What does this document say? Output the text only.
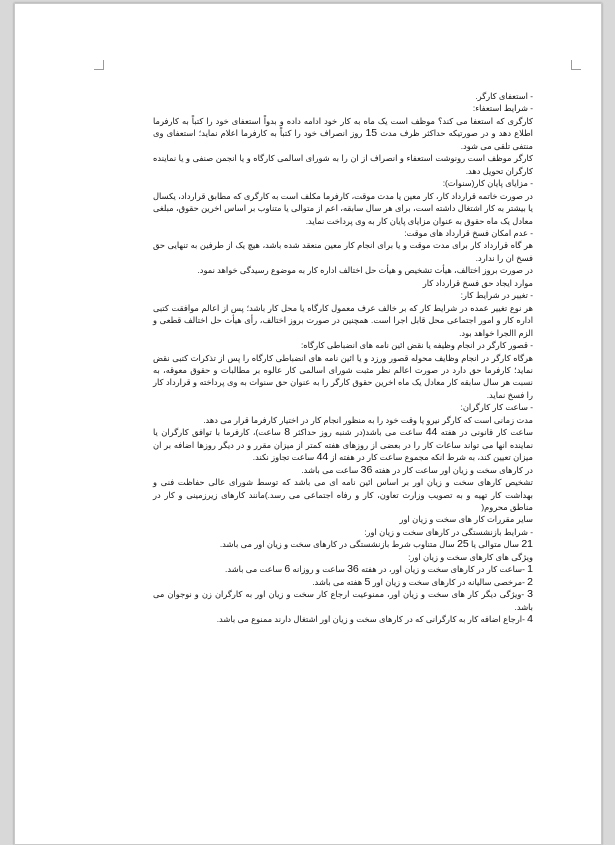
- استعفای کارگر.

- شرایط استعفاء:

کارگری که استعفا می کند؟ موظف است یک ماه به کار خود ادامه داده و بدواً استعفای خود را کتباً به کارفرما اطلاع دهد و در صورتیکه حداکثر ظرف مدت 15 روز انصراف خود را کتباً به کارفرما اعلام نماید؛ استعفای وی منتفی تلقی می شود.

کارگر موظف است رونوشت استعفاء و انصراف از ان را به شورای اسالمی کارگاه و یا انجمن صنفی و یا نماینده کارگران تحویل دهد.

- مزایای پایان کار(سنوات):

در صورت خاتمه قرارداد کار، کار معین یا مدت موقت، کارفرما مکلف است به کارگری که مطابق قرارداد، یکسال یا بیشتر به کار اشتغال داشته است، برای هر سال سابقه، اعم از متوالی یا متناوب بر اساس اخرین حقوق، مبلغی معادل یک ماه حقوق به عنوان مزایای پایان کار به وی پرداخت نماید.

- عدم امکان فسخ قرارداد های موقت:

هر گاه قرارداد کار برای مدت موقت و یا برای انجام کار معین منعقد شده باشد، هیچ یک از طرفین به تنهایی حق فسخ ان را ندارد.

در صورت بروز اختالف، هیأت تشخیص و هیأت حل اختالف اداره کار به موضوع رسیدگی خواهد نمود.

موارد ایجاد حق فسخ قرارداد کار

- تغییر در شرایط کار:

هر نوع تغییر عمده در شرایط کار که بر خالف عرف معمول کارگاه یا محل کار باشد؛ پس از اعالم موافقت کتبی اداره کار و امور اجتماعی محل قابل اجرا است. همچنین در صورت بروز اختالف، رأی هیأت حل اختالف قطعی و الزم االجرا خواهد بود.

- قصور کارگر در انجام وظیفه یا نقض ائین نامه های انضباطی کارگاه:

هرگاه کارگر در انجام وظایف محوله قصور ورزد و یا ائین نامه های انضباطی کارگاه را پس از تذکرات کتبی نقض نماید؛ کارفرما حق دارد در صورت اعالم نظر مثبت شورای اسالمی کار عالوه بر مطالبات و حقوق معوقه، به نسبت هر سال سابقه کار معادل یک ماه اخرین حقوق کارگر را به عنوان حق سنوات به وی پرداخته و قرارداد کار را فسخ نماید.

- ساعت کار کارگران:

مدت زمانی است که کارگر نیرو یا وقت خود را به منظور انجام کار در اختیار کارفرما قرار می دهد.

ساعت کار قانونی در هفته 44 ساعت می باشد(در شنبه روز حداکثر 8 ساعت)، کارفرما با توافق کارگران یا نماینده انها می تواند ساعات کار را در بعضی از روزهای هفته کمتر از میزان مقرر و در دیگر روزها اضافه بر ان میزان تعیین کند، به شرط انکه مجموع ساعت کار در هفته از 44 ساعت تجاوز نکند.

در کارهای سخت و زیان اور ساعت کار در هفته 36 ساعت می باشد.

تشخیص کارهای سخت و زیان اور بر اساس ائین نامه ای می باشد که توسط شورای عالی حفاظت فنی و بهداشت کار تهیه و به تصویب وزارت تعاون، کار و رفاه اجتماعی می رسد.)مانند کارهای زیرزمینی و کار در مناطق محروم(

سایر مقررات کار های سخت و زیان اور

- شرایط بازنشستگی در کارهای سخت و زیان اور:

21 سال متوالی یا 25 سال متناوب شرط بازنشستگی در کارهای سخت و زیان اور می باشد.

ویژگی های کارهای سخت و زیان اور:

1 -ساعت کار در کارهای سخت و زیان اور، در هفته 36 ساعت و روزانه 6 ساعت می باشد.

2 -مرخصی سالیانه در کارهای سخت و زیان اور 5 هفته می باشد.

3 -ویژگی دیگر کار های سخت و زیان اور، ممنوعیت ارجاع کار سخت و زیان اور به کارگران زن و نوجوان می باشد.

4 -ارجاع اضافه کار به کارگرانی که در کارهای سخت و زیان اور اشتغال دارند ممنوع می باشد.
